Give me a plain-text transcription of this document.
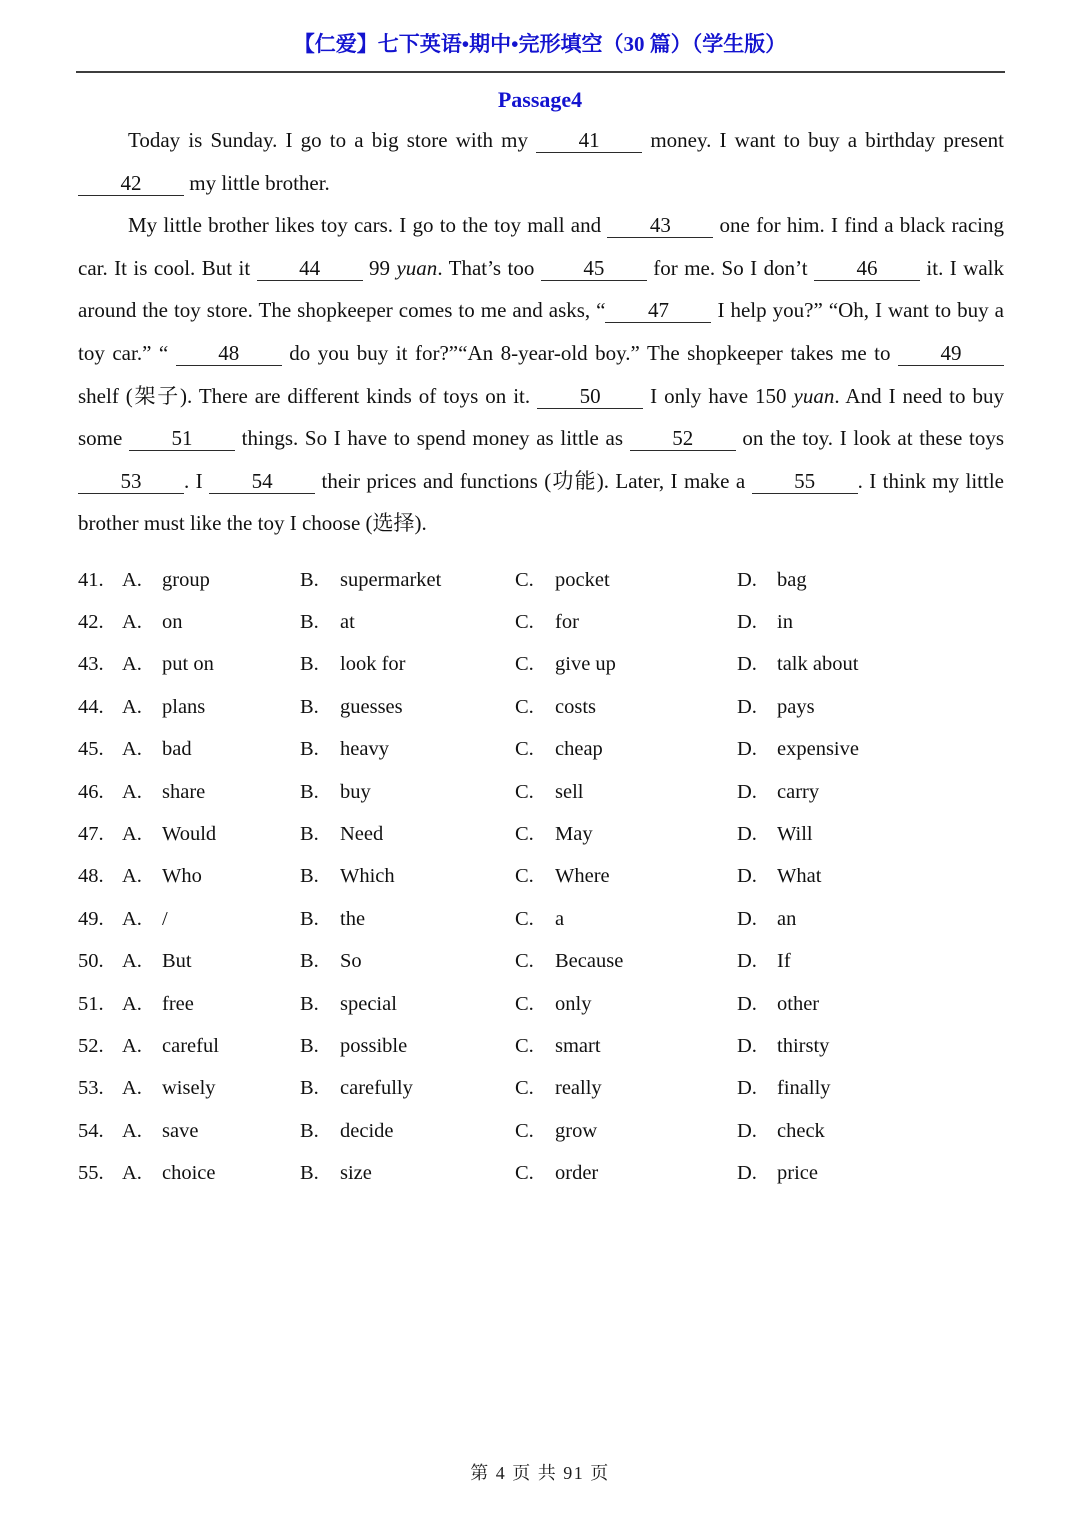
【仁爱】七下英语•期中•完形填空（30 篇）（学生版）
Passage4

Today is Sunday. I go to a big store with my 41 money. I want to buy a birthday present 42 my little brother.

My little brother likes toy cars. I go to the toy mall and 43 one for him. I find a black racing car. It is cool. But it 44 99 yuan. That’s too 45 for me. So I don’t 46 it. I walk around the toy store. The shopkeeper comes to me and asks, “ 47 I help you?” “Oh, I want to buy a toy car.” “ 48 do you buy it for?”“An 8-year-old boy.” The shopkeeper takes me to 49 shelf (架子). There are different kinds of toys on it. 50 I only have 150 yuan. And I need to buy some 51 things. So I have to spend money as little as 52 on the toy. I look at these toys 53 . I 54 their prices and functions (功能). Later, I make a 55 . I think my little brother must like the toy I choose (选择).

41. A. group	B. supermarket	C. pocket	D. bag
42. A. on	B. at	C. for	D. in
43. A. put on	B. look for	C. give up	D. talk about
44. A. plans	B. guesses	C. costs	D. pays
45. A. bad	B. heavy	C. cheap	D. expensive
46. A. share	B. buy	C. sell	D. carry
47. A. Would	B. Need	C. May	D. Will
48. A. Who	B. Which	C. Where	D. What
49. A. /	B. the	C. a	D. an
50. A. But	B. So	C. Because	D. If
51. A. free	B. special	C. only	D. other
52. A. careful	B. possible	C. smart	D. thirsty
53. A. wisely	B. carefully	C. really	D. finally
54. A. save	B. decide	C. grow	D. check
55. A. choice	B. size	C. order	D. price
第 4 页 共 91 页
